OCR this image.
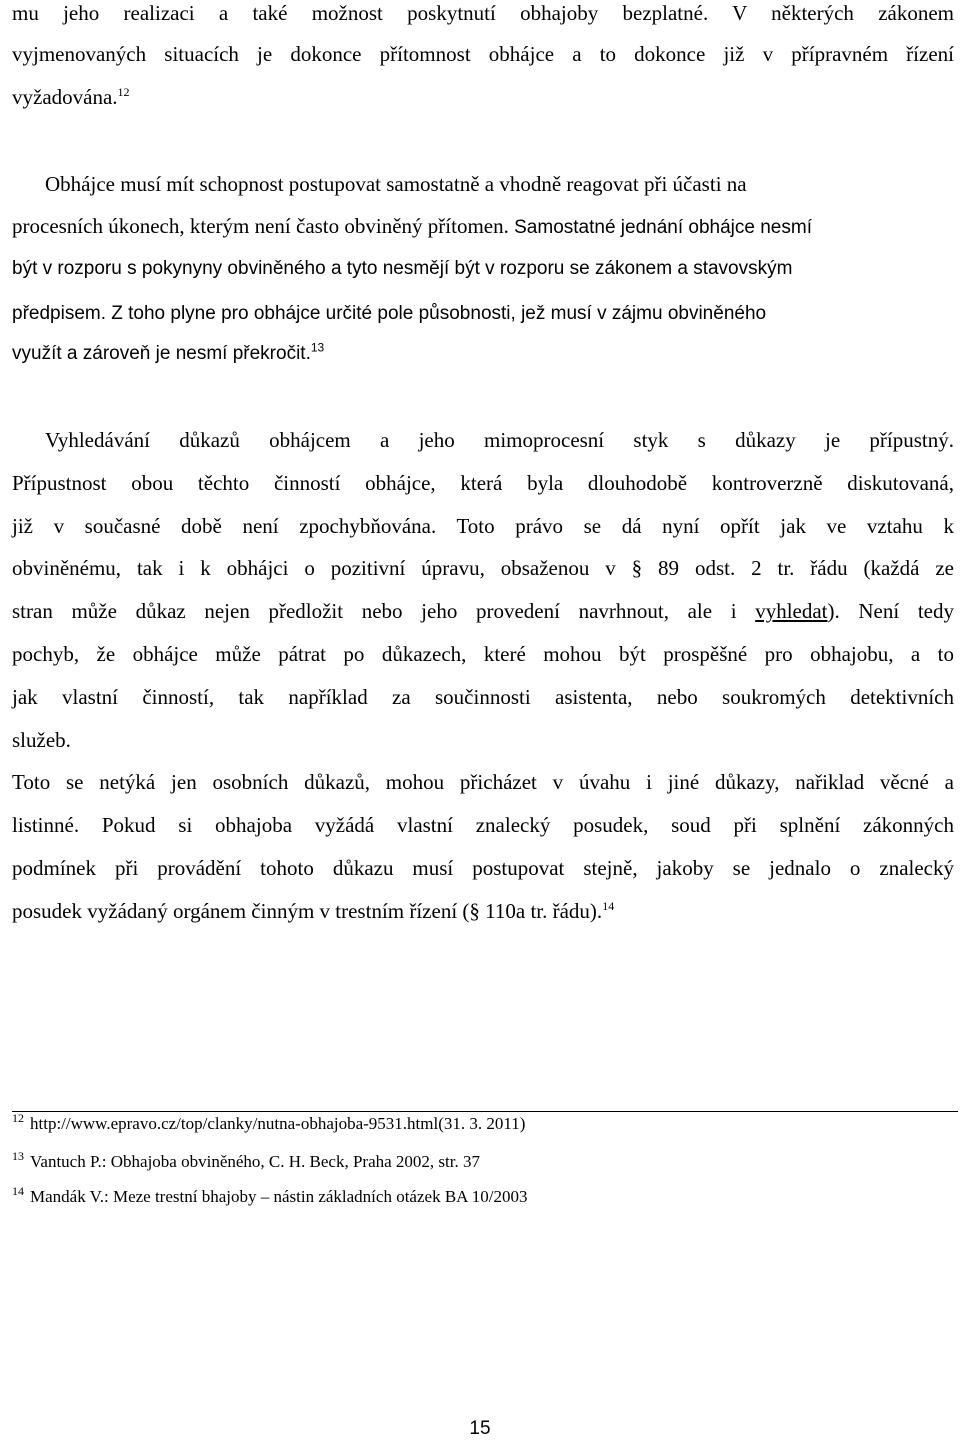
mu jeho realizaci a také možnost poskytnutí obhajoby bezplatné. V některých zákonem
vyjmenovaných situacích je dokonce přítomnost obhájce a to dokonce již v přípravném řízení
vyžadována.$^{12}$
Obhájce musí mít schopnost postupovat samostatně a vhodně reagovat při účasti na
procesních úkonech, kterým není často obviněný přítomen. Samostatné jednání obhájce nesmí
být v rozporu s pokynyny obviněného a tyto nesmějí být v rozporu se zákonem a stavovským
předpisem. Z toho plyne pro obhájce určité pole působnosti, jež musí v zájmu obviněného
využít a zároveň je nesmí překročit.$^{13}$
Vyhledávání důkazů obhájcem a jeho mimoprocesní styk s důkazy je přípustný.
Přípustnost obou těchto činností obhájce, která byla dlouhodobě kontroverzně diskutovaná,
již v současné době není zpochybňována. Toto právo se dá nyní opřít jak ve vztahu k
obviněnému, tak i k obhájci o pozitivní úpravu, obsaženou v § 89 odst. 2 tr. řádu (každá ze
stran může důkaz nejen předložit nebo jeho provedení navrhnout, ale i vyhledat). Není tedy
pochyb, že obhájce může pátrat po důkazech, které mohou být prospěšné pro obhajobu, a to
jak vlastní činností, tak například za součinnosti asistenta, nebo soukromých detektivních
služeb.
Toto se netýká jen osobních důkazů, mohou přicházet v úvahu i jiné důkazy, nařiklad věcné a
listinné. Pokud si obhajoba vyžádá vlastní znalecký posudek, soud při splnění zákonných
podmínek při provádění tohoto důkazu musí postupovat stejně, jakoby se jednalo o znalecký
posudek vyžádaný orgánem činným v trestním řízení (§ 110a tr. řádu).$^{14}$
$^{12}$ http://www.epravo.cz/top/clanky/nutna-obhajoba-9531.html(31. 3. 2011)
$^{13}$ Vantuch P.: Obhajoba obviněného, C. H. Beck, Praha 2002, str. 37
$^{14}$ Mandák V.: Meze trestní bhajoby – nástin základních otázek BA 10/2003
15
